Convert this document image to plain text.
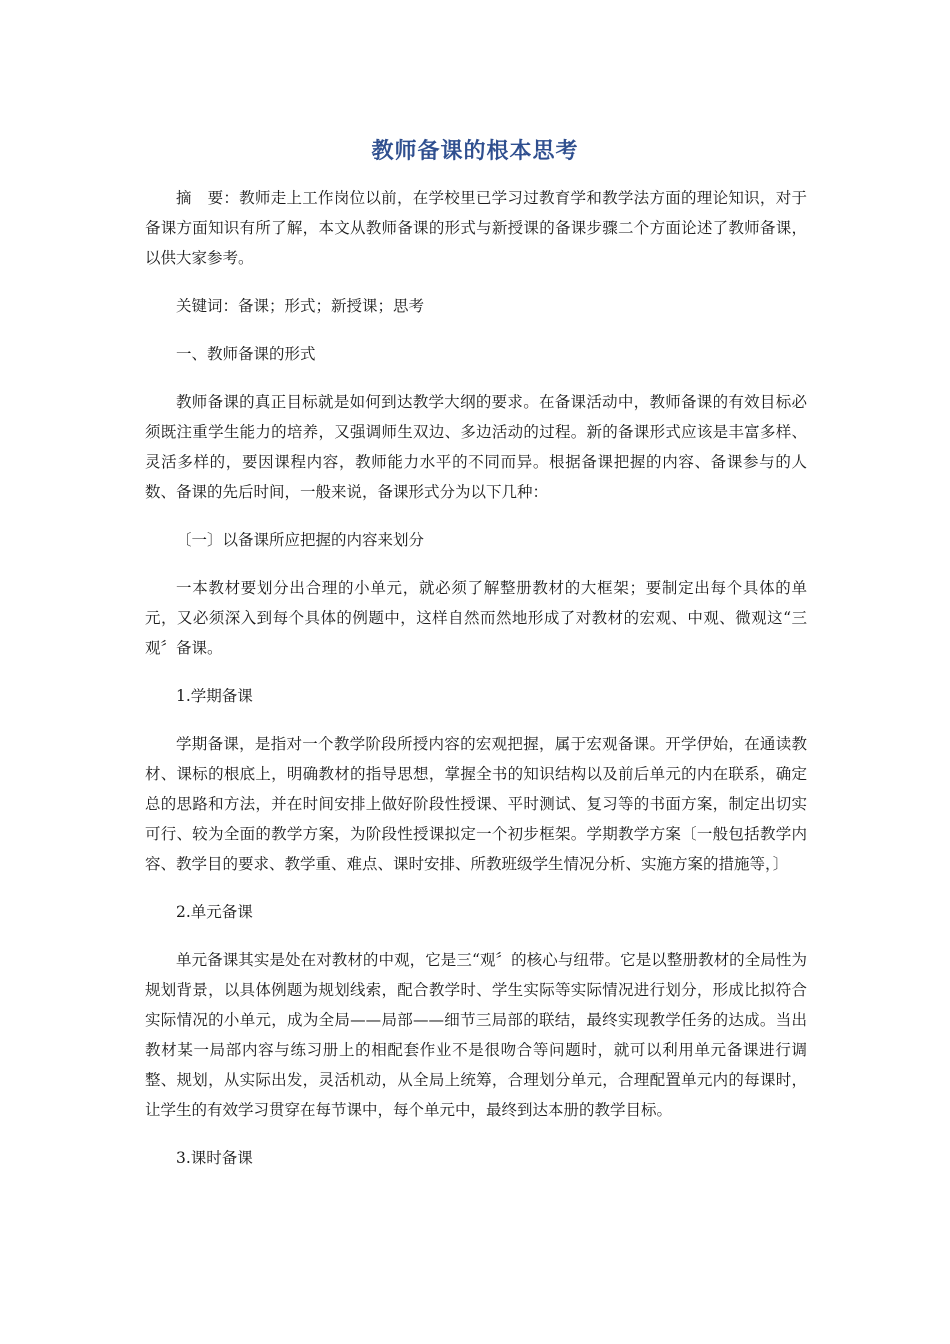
教师备课的根本思考

摘　要：教师走上工作岗位以前，在学校里已学习过教育学和教学法方面的理论知识，对于备课方面知识有所了解，本文从教师备课的形式与新授课的备课步骤二个方面论述了教师备课，以供大家参考。

关键词：备课；形式；新授课；思考

一、教师备课的形式

教师备课的真正目标就是如何到达教学大纲的要求。在备课活动中，教师备课的有效目标必须既注重学生能力的培养，又强调师生双边、多边活动的过程。新的备课形式应该是丰富多样、灵活多样的，要因课程内容，教师能力水平的不同而异。根据备课把握的内容、备课参与的人数、备课的先后时间，一般来说，备课形式分为以下几种：

〔一〕以备课所应把握的内容来划分

一本教材要划分出合理的小单元，就必须了解整册教材的大框架；要制定出每个具体的单元，又必须深入到每个具体的例题中，这样自然而然地形成了对教材的宏观、中观、微观这“三观〞备课。

1.学期备课

学期备课，是指对一个教学阶段所授内容的宏观把握，属于宏观备课。开学伊始，在通读教材、课标的根底上，明确教材的指导思想，掌握全书的知识结构以及前后单元的内在联系，确定总的思路和方法，并在时间安排上做好阶段性授课、平时测试、复习等的书面方案，制定出切实可行、较为全面的教学方案，为阶段性授课拟定一个初步框架。学期教学方案〔一般包括教学内容、教学目的要求、教学重、难点、课时安排、所教班级学生情况分析、实施方案的措施等，〕

2.单元备课

单元备课其实是处在对教材的中观，它是三“观〞的核心与纽带。它是以整册教材的全局性为规划背景，以具体例题为规划线索，配合教学时、学生实际等实际情况进行划分，形成比拟符合实际情况的小单元，成为全局——局部——细节三局部的联结，最终实现教学任务的达成。当出教材某一局部内容与练习册上的相配套作业不是很吻合等问题时，就可以利用单元备课进行调整、规划，从实际出发，灵活机动，从全局上统筹，合理划分单元，合理配置单元内的每课时，让学生的有效学习贯穿在每节课中，每个单元中，最终到达本册的教学目标。

3.课时备课
